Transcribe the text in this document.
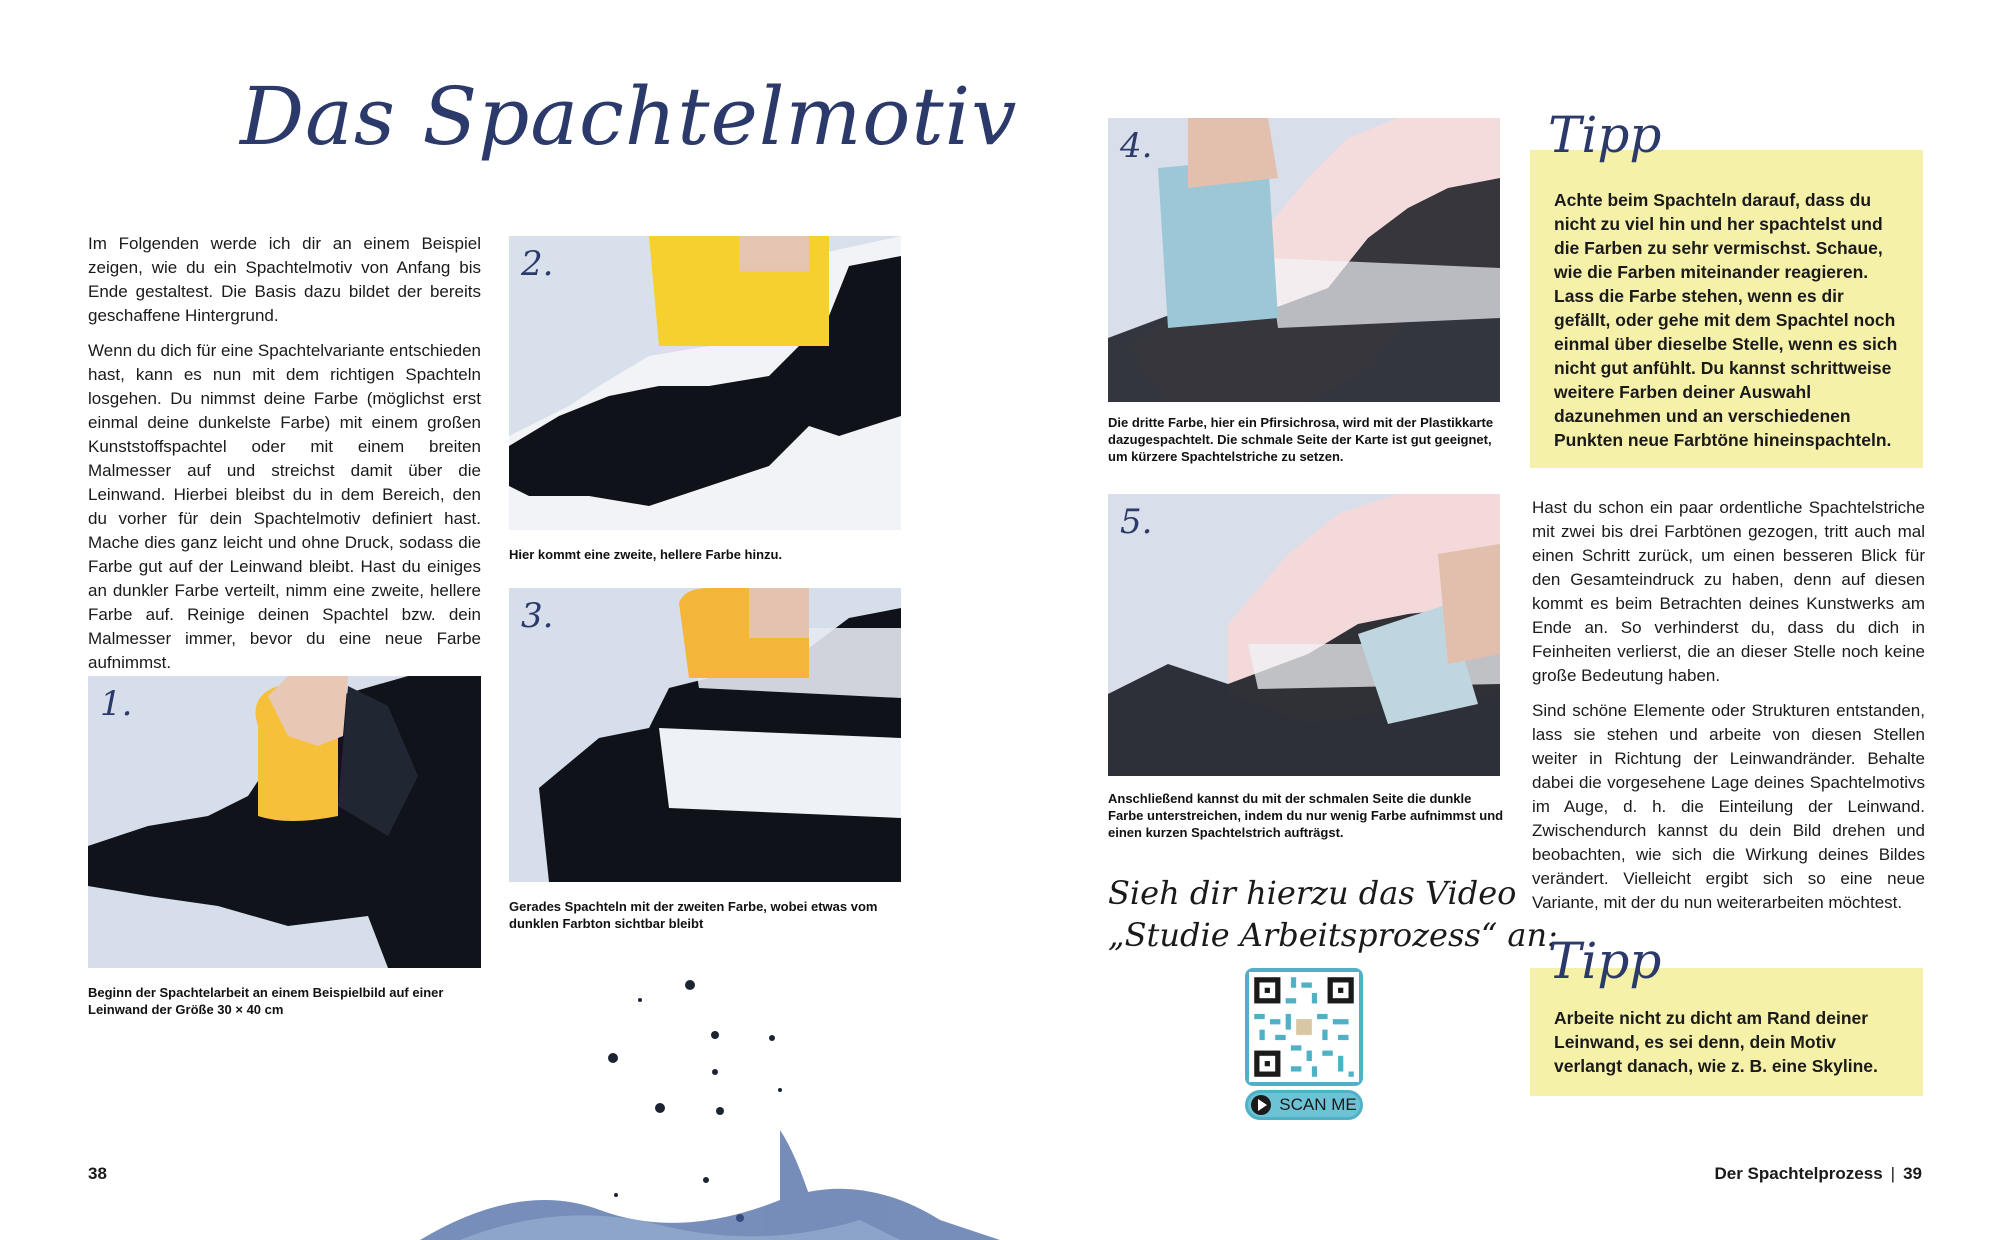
Das Spachtelmotiv

Im Folgenden werde ich dir an einem Beispiel zeigen, wie du ein Spachtelmotiv von Anfang bis Ende gestaltest. Die Basis dazu bildet der bereits geschaffene Hintergrund.

Wenn du dich für eine Spachtelvariante entschieden hast, kann es nun mit dem richtigen Spachteln losgehen. Du nimmst deine Farbe (möglichst erst einmal deine dunkelste Farbe) mit einem großen Kunststoffspachtel oder mit einem breiten Malmesser auf und streichst damit über die Leinwand. Hierbei bleibst du in dem Bereich, den du vorher für dein Spachtelmotiv definiert hast. Mache dies ganz leicht und ohne Druck, sodass die Farbe gut auf der Leinwand bleibt. Hast du einiges an dunkler Farbe verteilt, nimm eine zweite, hellere Farbe auf. Reinige deinen Spachtel bzw. dein Malmesser immer, bevor du eine neue Farbe aufnimmst.

1.
Beginn der Spachtelarbeit an einem Beispielbild auf einer Leinwand der Größe 30 × 40 cm
2.
Hier kommt eine zweite, hellere Farbe hinzu.
3.
Gerades Spachteln mit der zweiten Farbe, wobei etwas vom dunklen Farbton sichtbar bleibt
4.
Die dritte Farbe, hier ein Pfirsichrosa, wird mit der Plastikkarte dazugespachtelt. Die schmale Seite der Karte ist gut geeignet, um kürzere Spachtelstriche zu setzen.
5.
Anschließend kannst du mit der schmalen Seite die dunkle Farbe unterstreichen, indem du nur wenig Farbe aufnimmst und einen kurzen Spachtelstrich aufträgst.
Sieh dir hierzu das Video
„Studie Arbeitsprozess“ an:
SCAN ME

Achte beim Spachteln darauf, dass du nicht zu viel hin und her spachtelst und die Farben zu sehr vermischst. Schaue, wie die Farben miteinander reagieren. Lass die Farbe stehen, wenn es dir gefällt, oder gehe mit dem Spachtel noch einmal über dieselbe Stelle, wenn es sich nicht gut anfühlt. Du kannst schrittweise weitere Farben deiner Auswahl dazunehmen und an verschiedenen Punkten neue Farbtöne hineinspachteln.

Tipp

Hast du schon ein paar ordentliche Spachtelstriche mit zwei bis drei Farbtönen gezogen, tritt auch mal einen Schritt zurück, um einen besseren Blick für den Gesamteindruck zu haben, denn auf diesen kommt es beim Betrachten deines Kunstwerks am Ende an. So verhinderst du, dass du dich in Feinheiten verlierst, die an dieser Stelle noch keine große Bedeutung haben.

Sind schöne Elemente oder Strukturen entstanden, lass sie stehen und arbeite von diesen Stellen weiter in Richtung der Leinwandränder. Behalte dabei die vorgesehene Lage deines Spachtelmotivs im Auge, d. h. die Einteilung der Leinwand. Zwischendurch kannst du dein Bild drehen und beobachten, wie sich die Wirkung deines Bildes verändert. Vielleicht ergibt sich so eine neue Variante, mit der du nun weiterarbeiten möchtest.

Arbeite nicht zu dicht am Rand deiner Leinwand, es sei denn, dein Motiv verlangt danach, wie z. B. eine Skyline.

Tipp
38	Der Spachtelprozess | 39
